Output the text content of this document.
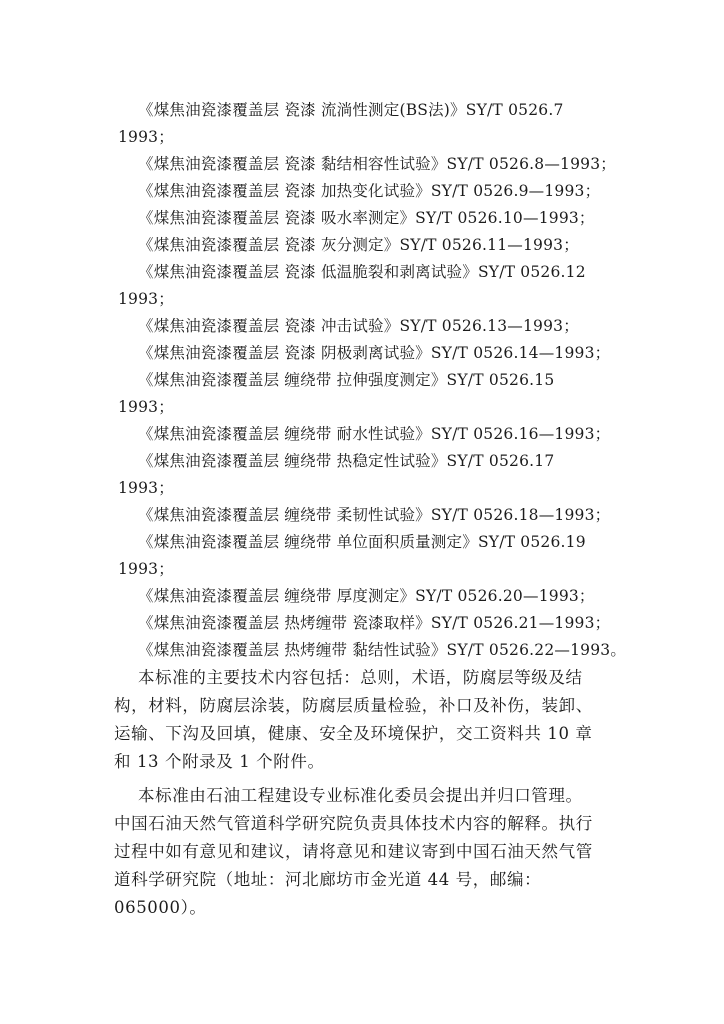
《煤焦油瓷漆覆盖层 瓷漆 流淌性测定(BS法)》SY/T 0526.7
1993；
《煤焦油瓷漆覆盖层 瓷漆 黏结相容性试验》SY/T 0526.8—1993；
《煤焦油瓷漆覆盖层 瓷漆 加热变化试验》SY/T 0526.9—1993；
《煤焦油瓷漆覆盖层 瓷漆 吸水率测定》SY/T 0526.10—1993；
《煤焦油瓷漆覆盖层 瓷漆 灰分测定》SY/T 0526.11—1993；
《煤焦油瓷漆覆盖层 瓷漆 低温脆裂和剥离试验》SY/T 0526.12
1993；
《煤焦油瓷漆覆盖层 瓷漆 冲击试验》SY/T 0526.13—1993；
《煤焦油瓷漆覆盖层 瓷漆 阴极剥离试验》SY/T 0526.14—1993；
《煤焦油瓷漆覆盖层 缠绕带 拉伸强度测定》SY/T 0526.15
1993；
《煤焦油瓷漆覆盖层 缠绕带 耐水性试验》SY/T 0526.16—1993；
《煤焦油瓷漆覆盖层 缠绕带 热稳定性试验》SY/T 0526.17
1993；
《煤焦油瓷漆覆盖层 缠绕带 柔韧性试验》SY/T 0526.18—1993；
《煤焦油瓷漆覆盖层 缠绕带 单位面积质量测定》SY/T 0526.19
1993；
《煤焦油瓷漆覆盖层 缠绕带 厚度测定》SY/T 0526.20—1993；
《煤焦油瓷漆覆盖层 热烤缠带 瓷漆取样》SY/T 0526.21—1993；
《煤焦油瓷漆覆盖层 热烤缠带 黏结性试验》SY/T 0526.22—1993。
本标准的主要技术内容包括：总则，术语，防腐层等级及结
构，材料，防腐层涂装，防腐层质量检验，补口及补伤，装卸、
运输、下沟及回填，健康、安全及环境保护，交工资料共 10 章
和 13 个附录及 1 个附件。
本标准由石油工程建设专业标准化委员会提出并归口管理。
中国石油天然气管道科学研究院负责具体技术内容的解释。执行
过程中如有意见和建议，请将意见和建议寄到中国石油天然气管
道科学研究院（地址：河北廊坊市金光道 44 号，邮编：
065000）。
